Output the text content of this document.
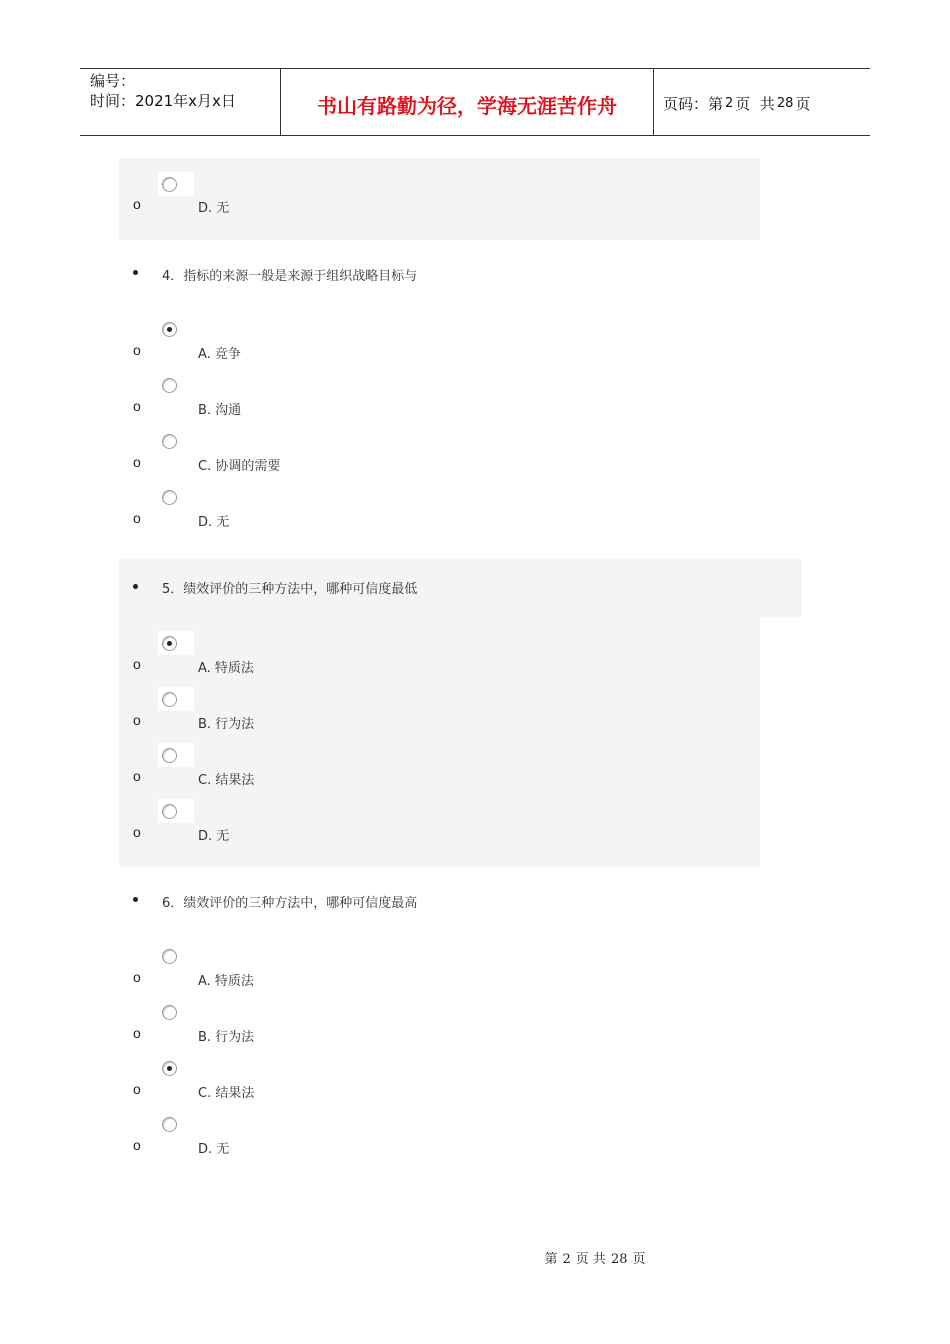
编号：
时间：2021年x月x日	书山有路勤为径，学海无涯苦作舟	页码：第 2 页  共 28 页
o	D. 无
4．指标的来源一般是来源于组织战略目标与
o	A. 竞争
o	B. 沟通
o	C. 协调的需要
o	D. 无
5．绩效评价的三种方法中，哪种可信度最低
o	A. 特质法
o	B. 行为法
o	C. 结果法
o	D. 无
6．绩效评价的三种方法中，哪种可信度最高
o	A. 特质法
o	B. 行为法
o	C. 结果法
o	D. 无
第 2 页 共 28 页
